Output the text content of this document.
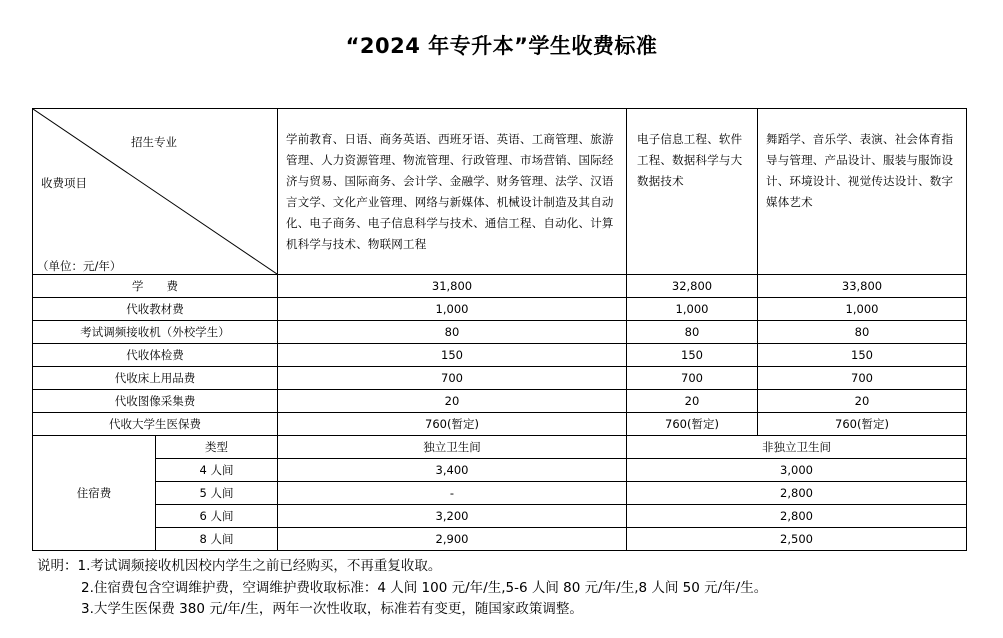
“2024 年专升本”学生收费标准
招生专业
收费项目
（单位：元/年）		学前教育、日语、商务英语、西班牙语、英语、工商管理、旅游管理、人力资源管理、物流管理、行政管理、市场营销、国际经济与贸易、国际商务、会计学、金融学、财务管理、法学、汉语言文学、文化产业管理、网络与新媒体、机械设计制造及其自动化、电子商务、电子信息科学与技术、通信工程、自动化、计算机科学与技术、物联网工程	电子信息工程、软件工程、数据科学与大数据技术	舞蹈学、音乐学、表演、社会体育指导与管理、产品设计、服装与服饰设计、环境设计、视觉传达设计、数字媒体艺术
学　　费		31,800	32,800	33,800
代收教材费		1,000	1,000	1,000
考试调频接收机（外校学生）		80	80	80
代收体检费		150	150	150
代收床上用品费		700	700	700
代收图像采集费		20	20	20
代收大学生医保费		760(暂定)	760(暂定)	760(暂定)
住宿费	类型	独立卫生间	非独立卫生间	
	4 人间	3,400	3,000	
	5 人间	-	2,800	
	6 人间	3,200	2,800	
	8 人间	2,900	2,500	
说明：1.考试调频接收机因校内学生之前已经购买，不再重复收取。
2.住宿费包含空调维护费，空调维护费收取标准：4 人间 100 元/年/生,5-6 人间 80 元/年/生,8 人间 50 元/年/生。
3.大学生医保费 380 元/年/生，两年一次性收取，标准若有变更，随国家政策调整。
